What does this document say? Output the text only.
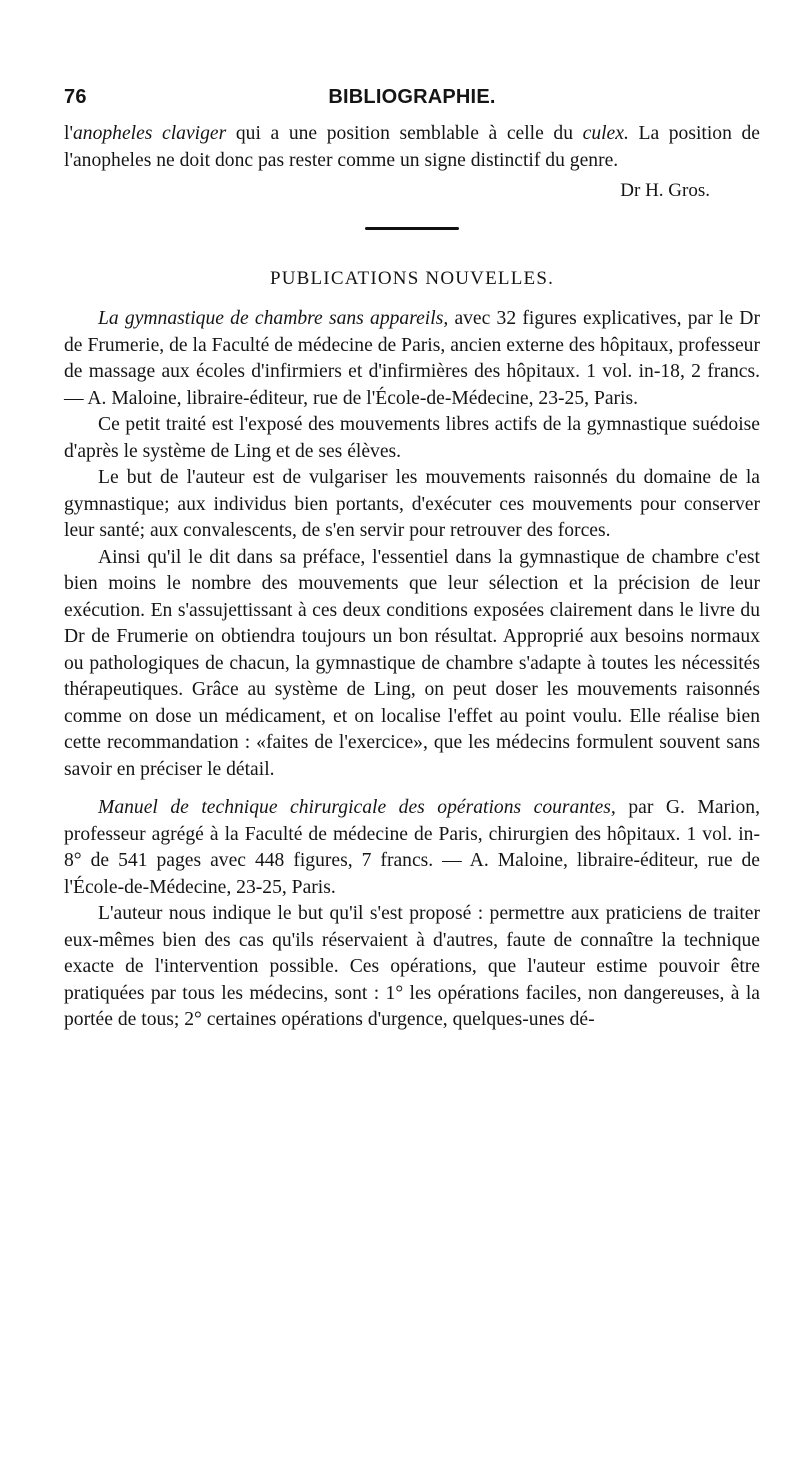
76	BIBLIOGRAPHIE.

l'anopheles claviger qui a une position semblable à celle du culex. La position de l'anopheles ne doit donc pas rester comme un signe distinctif du genre.

Dr H. Gros.

PUBLICATIONS NOUVELLES.

La gymnastique de chambre sans appareils, avec 32 figures explicatives, par le Dr de Frumerie, de la Faculté de médecine de Paris, ancien externe des hôpitaux, professeur de massage aux écoles d'infirmiers et d'infirmières des hôpitaux. 1 vol. in-18, 2 francs. — A. Maloine, libraire-éditeur, rue de l'École-de-Médecine, 23-25, Paris.

Ce petit traité est l'exposé des mouvements libres actifs de la gymnastique suédoise d'après le système de Ling et de ses élèves.

Le but de l'auteur est de vulgariser les mouvements raisonnés du domaine de la gymnastique; aux individus bien portants, d'exécuter ces mouvements pour conserver leur santé; aux convalescents, de s'en servir pour retrouver des forces.

Ainsi qu'il le dit dans sa préface, l'essentiel dans la gymnastique de chambre c'est bien moins le nombre des mouvements que leur sélection et la précision de leur exécution. En s'assujettissant à ces deux conditions exposées clairement dans le livre du Dr de Frumerie on obtiendra toujours un bon résultat. Approprié aux besoins normaux ou pathologiques de chacun, la gymnastique de chambre s'adapte à toutes les nécessités thérapeutiques. Grâce au système de Ling, on peut doser les mouvements raisonnés comme on dose un médicament, et on localise l'effet au point voulu. Elle réalise bien cette recommandation : «faites de l'exercice», que les médecins formulent souvent sans savoir en préciser le détail.

Manuel de technique chirurgicale des opérations courantes, par G. Marion, professeur agrégé à la Faculté de médecine de Paris, chirurgien des hôpitaux. 1 vol. in-8° de 541 pages avec 448 figures, 7 francs. — A. Maloine, libraire-éditeur, rue de l'École-de-Médecine, 23-25, Paris.

L'auteur nous indique le but qu'il s'est proposé : permettre aux praticiens de traiter eux-mêmes bien des cas qu'ils réservaient à d'autres, faute de connaître la technique exacte de l'intervention possible. Ces opérations, que l'auteur estime pouvoir être pratiquées par tous les médecins, sont : 1° les opérations faciles, non dangereuses, à la portée de tous; 2° certaines opérations d'urgence, quelques-unes dé-
